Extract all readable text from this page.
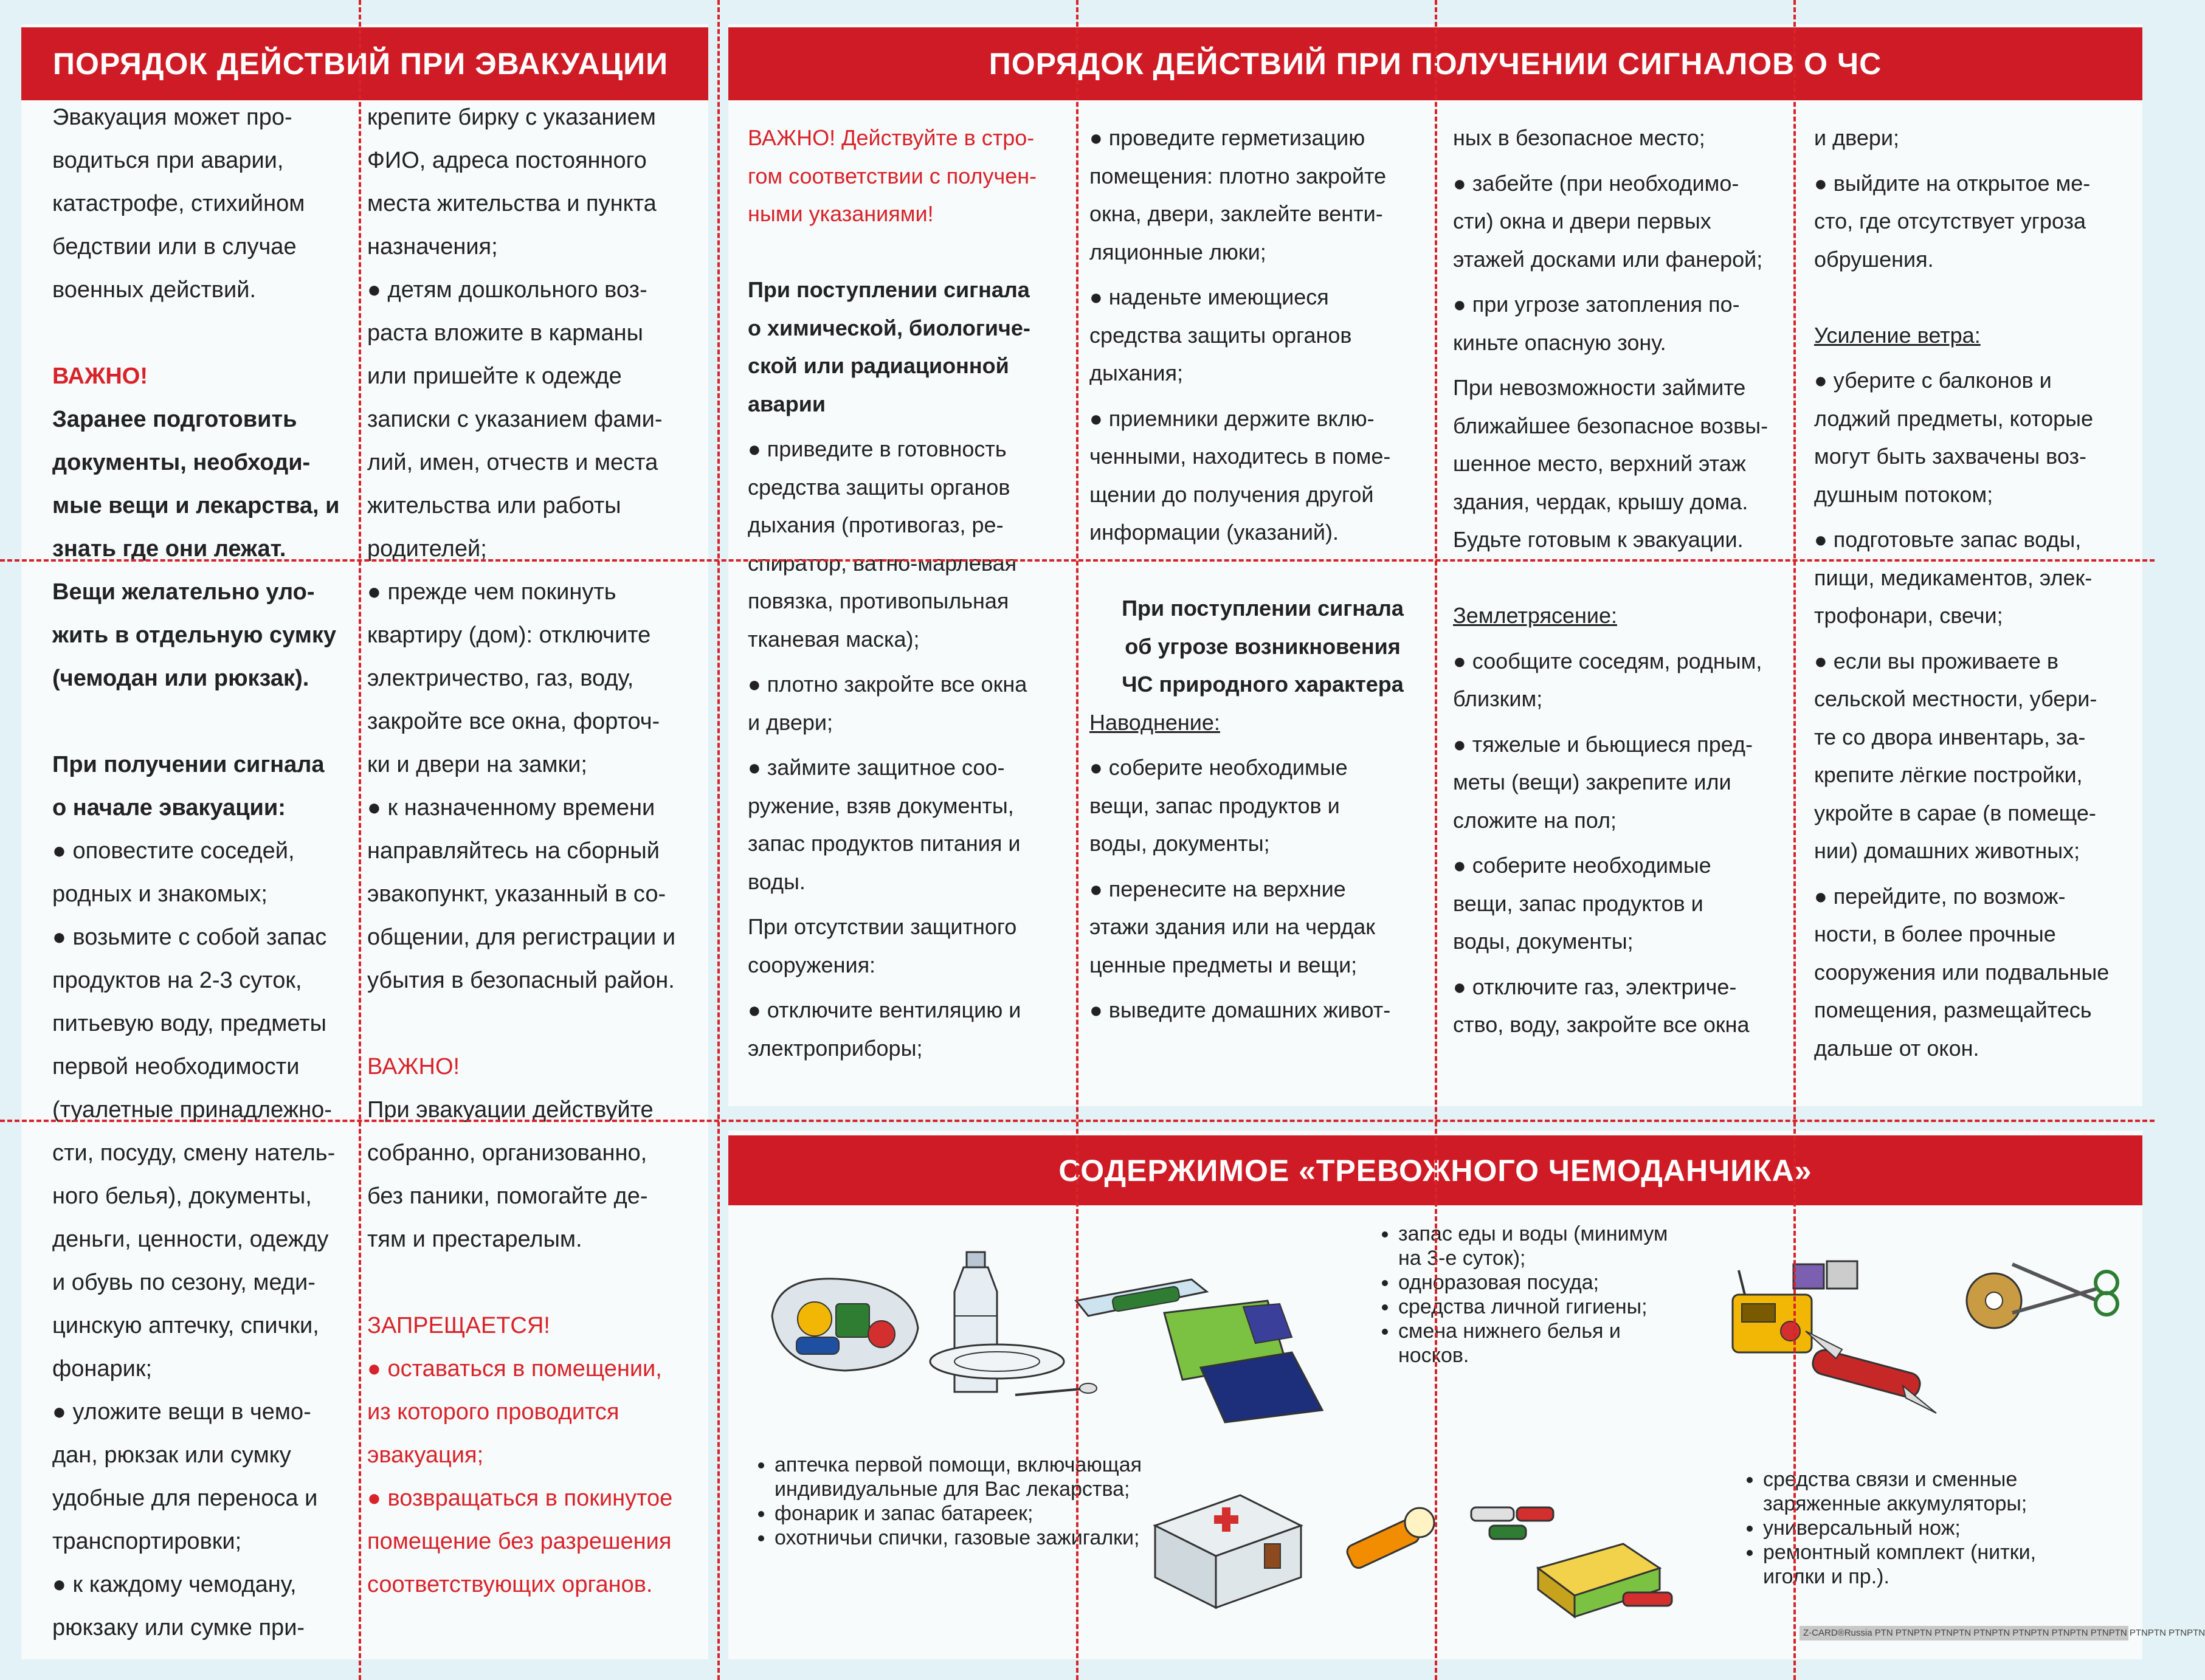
ПОРЯДОК ДЕЙСТВИЙ ПРИ ЭВАКУАЦИИ

Эвакуация может про-

водиться при аварии,

катастрофе, стихийном

бедствии или в случае

военных действий.

ВАЖНО!

Заранее подготовить

документы, необходи-

мые вещи и лекарства, и

знать где они лежат.

Вещи желательно уло-

жить в отдельную сумку

(чемодан или рюкзак).

При получении сигнала

о начале эвакуации:

● оповестите соседей,

родных и знакомых;

● возьмите с собой запас

продуктов на 2-3 суток,

питьевую воду, предметы

первой необходимости

(туалетные принадлежно-

сти, посуду, смену натель-

ного белья), документы,

деньги, ценности, одежду

и обувь по сезону, меди-

цинскую аптечку, спички,

фонарик;

● уложите вещи в чемо-

дан, рюкзак или сумку

удобные для переноса и

транспортировки;

● к каждому чемодану,

рюкзаку или сумке при-

крепите бирку с указанием

ФИО, адреса постоянного

места жительства и пункта

назначения;

● детям дошкольного воз-

раста вложите в карманы

или пришейте к одежде

записки с указанием фами-

лий, имен, отчеств и места

жительства или работы

родителей;

● прежде чем покинуть

квартиру (дом): отключите

электричество, газ, воду,

закройте все окна, форточ-

ки и двери на замки;

● к назначенному времени

направляйтесь на сборный

эвакопункт, указанный в со-

общении, для регистрации и

убытия в безопасный район.

ВАЖНО!

При эвакуации действуйте

собранно, организованно,

без паники, помогайте де-

тям и престарелым.

ЗАПРЕЩАЕТСЯ!

● оставаться в помещении,

из которого проводится

эвакуация;

● возвращаться в покинутое

помещение без разрешения

соответствующих органов.

ПОРЯДОК ДЕЙСТВИЙ ПРИ ПОЛУЧЕНИИ СИГНАЛОВ О ЧС

ВАЖНО! Действуйте в стро-

гом соответствии с получен-

ными указаниями!

При поступлении сигнала

о химической, биологиче-

ской или радиационной

аварии

● приведите в готовность

средства защиты органов

дыхания (противогаз, ре-

спиратор, ватно-марлевая

повязка, противопыльная

тканевая маска);

● плотно закройте все окна

и двери;

● займите защитное соо-

ружение, взяв документы,

запас продуктов питания и

воды.

При отсутствии защитного

сооружения:

● отключите вентиляцию и

электроприборы;

● проведите герметизацию

помещения: плотно закройте

окна, двери, заклейте венти-

ляционные люки;

● наденьте имеющиеся

средства защиты органов

дыхания;

● приемники держите вклю-

ченными, находитесь в поме-

щении до получения другой

информации (указаний).

При поступлении сигнала

об угрозе возникновения

ЧС природного характера

Наводнение:

● соберите необходимые

вещи, запас продуктов и

воды, документы;

● перенесите на верхние

этажи здания или на чердак

ценные предметы и вещи;

● выведите домашних живот-

ных в безопасное место;

● забейте (при необходимо-

сти) окна и двери первых

этажей досками или фанерой;

● при угрозе затопления по-

киньте опасную зону.

При невозможности займите

ближайшее безопасное возвы-

шенное место, верхний этаж

здания, чердак, крышу дома.

Будьте готовым к эвакуации.

Землетрясение:

● сообщите соседям, родным,

близким;

● тяжелые и бьющиеся пред-

меты (вещи) закрепите или

сложите на пол;

● соберите необходимые

вещи, запас продуктов и

воды, документы;

● отключите газ, электриче-

ство, воду, закройте все окна

и двери;

● выйдите на открытое ме-

сто, где отсутствует угроза

обрушения.

Усиление ветра:

● уберите с балконов и

лоджий предметы, которые

могут быть захвачены воз-

душным потоком;

● подготовьте запас воды,

пищи, медикаментов, элек-

трофонари, свечи;

● если вы проживаете в

сельской местности, убери-

те со двора инвентарь, за-

крепите лёгкие постройки,

укройте в сарае (в помеще-

нии) домашних животных;

● перейдите, по возмож-

ности, в более прочные

сооружения или подвальные

помещения, размещайтесь

дальше от окон.

СОДЕРЖИМОЕ «ТРЕВОЖНОГО ЧЕМОДАНЧИКА»
• запас еды и воды (минимум на 3-е суток);
• одноразовая посуда;
• средства личной гигиены;
• смена нижнего белья и носков.
• аптечка первой помощи, включающая индивидуальные для Вас лекарства;
• фонарик и запас батареек;
• охотничьи спички, газовые зажигалки;
• средства связи и сменные заряженные аккумуляторы;
• универсальный нож;
• ремонтный комплект (нитки, иголки и пр.).
Z-CARD®Russia PTN PTNPTN PTNPTN PTNPTN PTNPTN PTNPTN PTNPTN PTNPTN PTNPTN
